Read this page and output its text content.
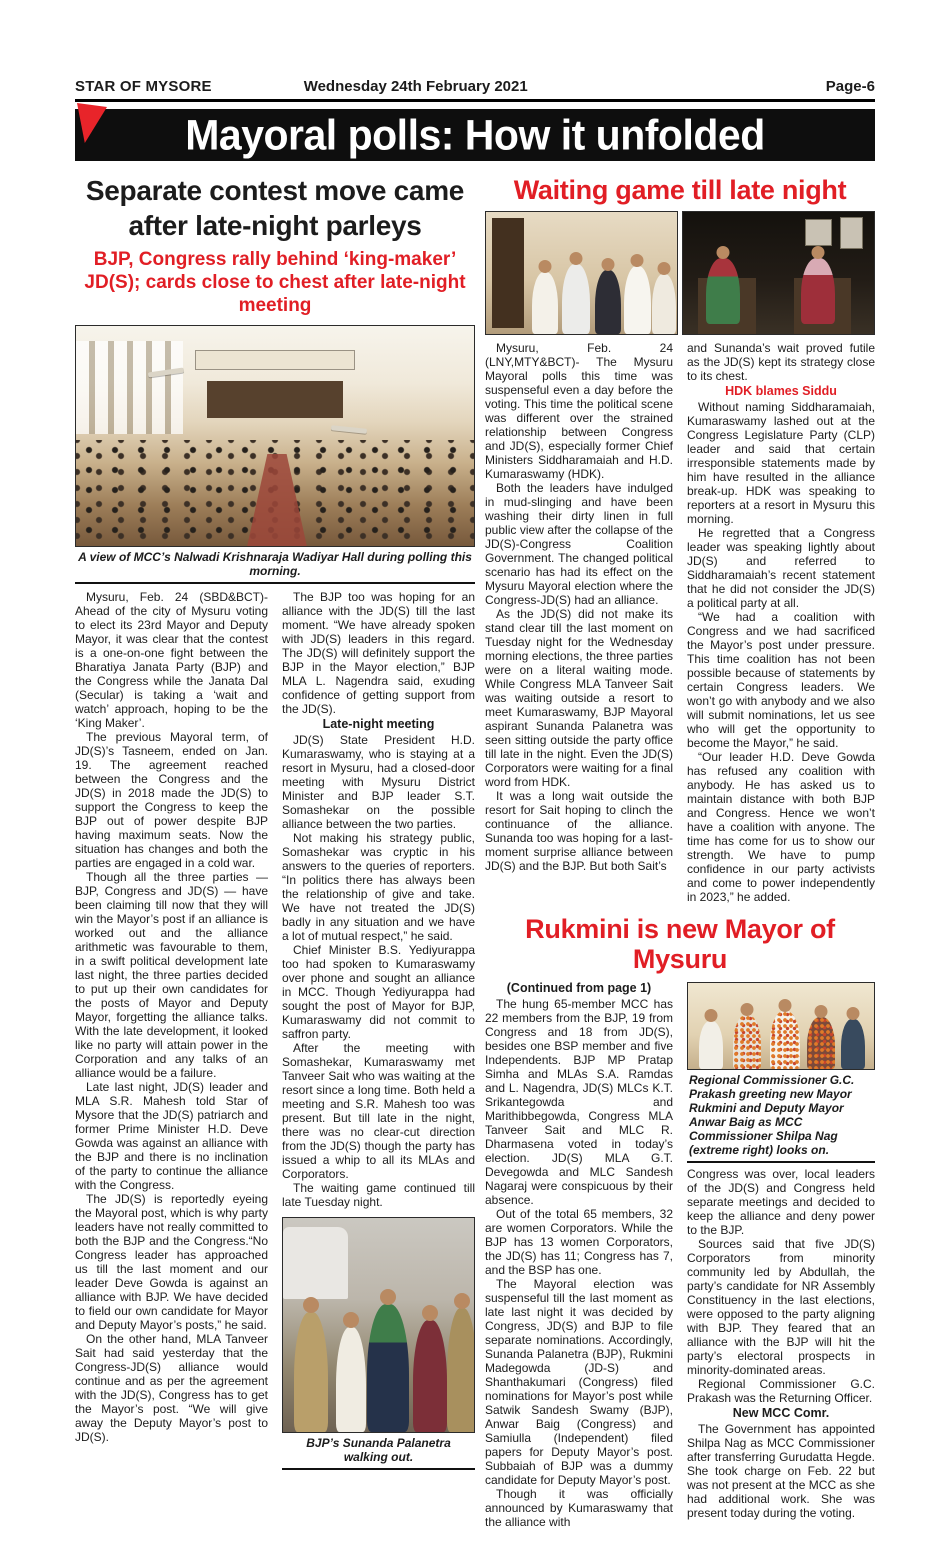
STAR OF MYSORE	Wednesday 24th February 2021	Page-6
Mayoral polls: How it unfolded
Separate contest move came after late-night parleys
BJP, Congress rally behind ‘king-maker’ JD(S); cards close to chest after late-night meeting
A view of MCC’s Nalwadi Krishnaraja Wadiyar Hall during polling this morning.

Mysuru, Feb. 24 (SBD&BCT)- Ahead of the city of Mysuru voting to elect its 23rd Mayor and Deputy Mayor, it was clear that the contest is a one-on-one fight between the Bharatiya Janata Party (BJP) and the Congress while the Janata Dal (Secular) is taking a ‘wait and watch’ approach, hoping to be the ‘King Maker’.

The previous Mayoral term, of JD(S)’s Tasneem, ended on Jan. 19. The agreement reached between the Congress and the JD(S) in 2018 made the JD(S) to support the Congress to keep the BJP out of power despite BJP having maximum seats. Now the situation has changes and both the parties are engaged in a cold war.

Though all the three parties — BJP, Congress and JD(S) — have been claiming till now that they will win the Mayor’s post if an alliance is worked out and the alliance arithmetic was favourable to them, in a swift political development late last night, the three parties decided to put up their own candidates for the posts of Mayor and Deputy Mayor, forgetting the alliance talks. With the late development, it looked like no party will attain power in the Corporation and any talks of an alliance would be a failure.

Late last night, JD(S) leader and MLA S.R. Mahesh told Star of Mysore that the JD(S) patriarch and former Prime Minister H.D. Deve Gowda was against an alliance with the BJP and there is no inclination of the party to continue the alliance with the Congress.

The JD(S) is reportedly eyeing the Mayoral post, which is why party leaders have not really committed to both the BJP and the Congress.“No Congress leader has approached us till the last moment and our leader Deve Gowda is against an alliance with BJP. We have decided to field our own candidate for Mayor and Deputy Mayor’s posts,” he said.

On the other hand, MLA Tanveer Sait had said yesterday that the Congress-JD(S) alliance would continue and as per the agreement with the JD(S), Congress has to get the Mayor’s post. “We will give away the Deputy Mayor’s post to JD(S).

The BJP too was hoping for an alliance with the JD(S) till the last moment. “We have already spoken with JD(S) leaders in this regard. The JD(S) will definitely support the BJP in the Mayor election,” BJP MLA L. Nagendra said, exuding confidence of getting support from the JD(S).

Late-night meeting

JD(S) State President H.D. Kumaraswamy, who is staying at a resort in Mysuru, had a closed-door meeting with Mysuru District Minister and BJP leader S.T. Somashekar on the possible alliance between the two parties.

Not making his strategy public, Somashekar was cryptic in his answers to the queries of reporters. “In politics there has always been the relationship of give and take. We have not treated the JD(S) badly in any situation and we have a lot of mutual respect,” he said.

Chief Minister B.S. Yediyurappa too had spoken to Kumaraswamy over phone and sought an alliance in MCC. Though Yediyurappa had sought the post of Mayor for BJP, Kumaraswamy did not commit to saffron party.

After the meeting with Somashekar, Kumaraswamy met Tanveer Sait who was waiting at the resort since a long time. Both held a meeting and S.R. Mahesh too was present. But till late in the night, there was no clear-cut direction from the JD(S) though the party has issued a whip to all its MLAs and Corporators.

The waiting game continued till late Tuesday night.

BJP’s Sunanda Palanetra walking out.
Waiting game till late night

Mysuru, Feb. 24 (LNY,MTY&BCT)- The Mysuru Mayoral polls this time was suspenseful even a day before the voting. This time the political scene was different over the strained relationship between Congress and JD(S), especially former Chief Ministers Siddharamaiah and H.D. Kumaraswamy (HDK).

Both the leaders have indulged in mud-slinging and have been washing their dirty linen in full public view after the collapse of the JD(S)-Congress Coalition Government. The changed political scenario has had its effect on the Mysuru Mayoral election where the Congress-JD(S) had an alliance.

As the JD(S) did not make its stand clear till the last moment on Tuesday night for the Wednesday morning elections, the three parties were on a literal waiting mode. While Congress MLA Tanveer Sait was waiting outside a resort to meet Kumaraswamy, BJP Mayoral aspirant Sunanda Palanetra was seen sitting outside the party office till late in the night. Even the JD(S) Corporators were waiting for a final word from HDK.

It was a long wait outside the resort for Sait hoping to clinch the continuance of the alliance. Sunanda too was hoping for a last-moment surprise alliance between JD(S) and the BJP. But both Sait’s

and Sunanda’s wait proved futile as the JD(S) kept its strategy close to its chest.

HDK blames Siddu

Without naming Siddharamaiah, Kumaraswamy lashed out at the Congress Legislature Party (CLP) leader and said that certain irresponsible statements made by him have resulted in the alliance break-up. HDK was speaking to reporters at a resort in Mysuru this morning.

He regretted that a Congress leader was speaking lightly about JD(S) and referred to Siddharamaiah’s recent statement that he did not consider the JD(S) a political party at all.

“We had a coalition with Congress and we had sacrificed the Mayor’s post under pressure. This time coalition has not been possible because of statements by certain Congress leaders. We won’t go with anybody and we also will submit nominations, let us see who will get the opportunity to become the Mayor,” he said.

“Our leader H.D. Deve Gowda has refused any coalition with anybody. He has asked us to maintain distance with both BJP and Congress. Hence we won’t have a coalition with anyone. The time has come for us to show our strength. We have to pump confidence in our party activists and come to power independently in 2023,” he added.

Rukmini is new Mayor of Mysuru
(Continued from page 1)

The hung 65-member MCC has 22 members from the BJP, 19 from Congress and 18 from JD(S), besides one BSP member and five Independents. BJP MP Pratap Simha and MLAs S.A. Ramdas and L. Nagendra, JD(S) MLCs K.T. Srikantegowda and Marithibbegowda, Congress MLA Tanveer Sait and MLC R. Dharmasena voted in today’s election. JD(S) MLA G.T. Devegowda and MLC Sandesh Nagaraj were conspicuous by their absence.

Out of the total 65 members, 32 are women Corporators. While the BJP has 13 women Corporators, the JD(S) has 11; Congress has 7, and the BSP has one.

The Mayoral election was suspenseful till the last moment as late last night it was decided by Congress, JD(S) and BJP to file separate nominations. Accordingly, Sunanda Palanetra (BJP), Rukmini Madegowda (JD-S) and Shanthakumari (Congress) filed nominations for Mayor’s post while Satwik Sandesh Swamy (BJP), Anwar Baig (Congress) and Samiulla (Independent) filed papers for Deputy Mayor’s post. Subbaiah of BJP was a dummy candidate for Deputy Mayor’s post.

Though it was officially announced by Kumaraswamy that the alliance with

Regional Commissioner G.C. Prakash greeting new Mayor Rukmini and Deputy Mayor Anwar Baig as MCC Commissioner Shilpa Nag (extreme right) looks on.

Congress was over, local leaders of the JD(S) and Congress held separate meetings and decided to keep the alliance and deny power to the BJP.

Sources said that five JD(S) Corporators from minority community led by Abdullah, the party’s candidate for NR Assembly Constituency in the last elections, were opposed to the party aligning with BJP. They feared that an alliance with the BJP will hit the party’s electoral prospects in minority-dominated areas.

Regional Commissioner G.C. Prakash was the Returning Officer.

New MCC Comr.

The Government has appointed Shilpa Nag as MCC Commissioner after transferring Gurudatta Hegde. She took charge on Feb. 22 but was not present at the MCC as she had additional work. She was present today during the voting.
